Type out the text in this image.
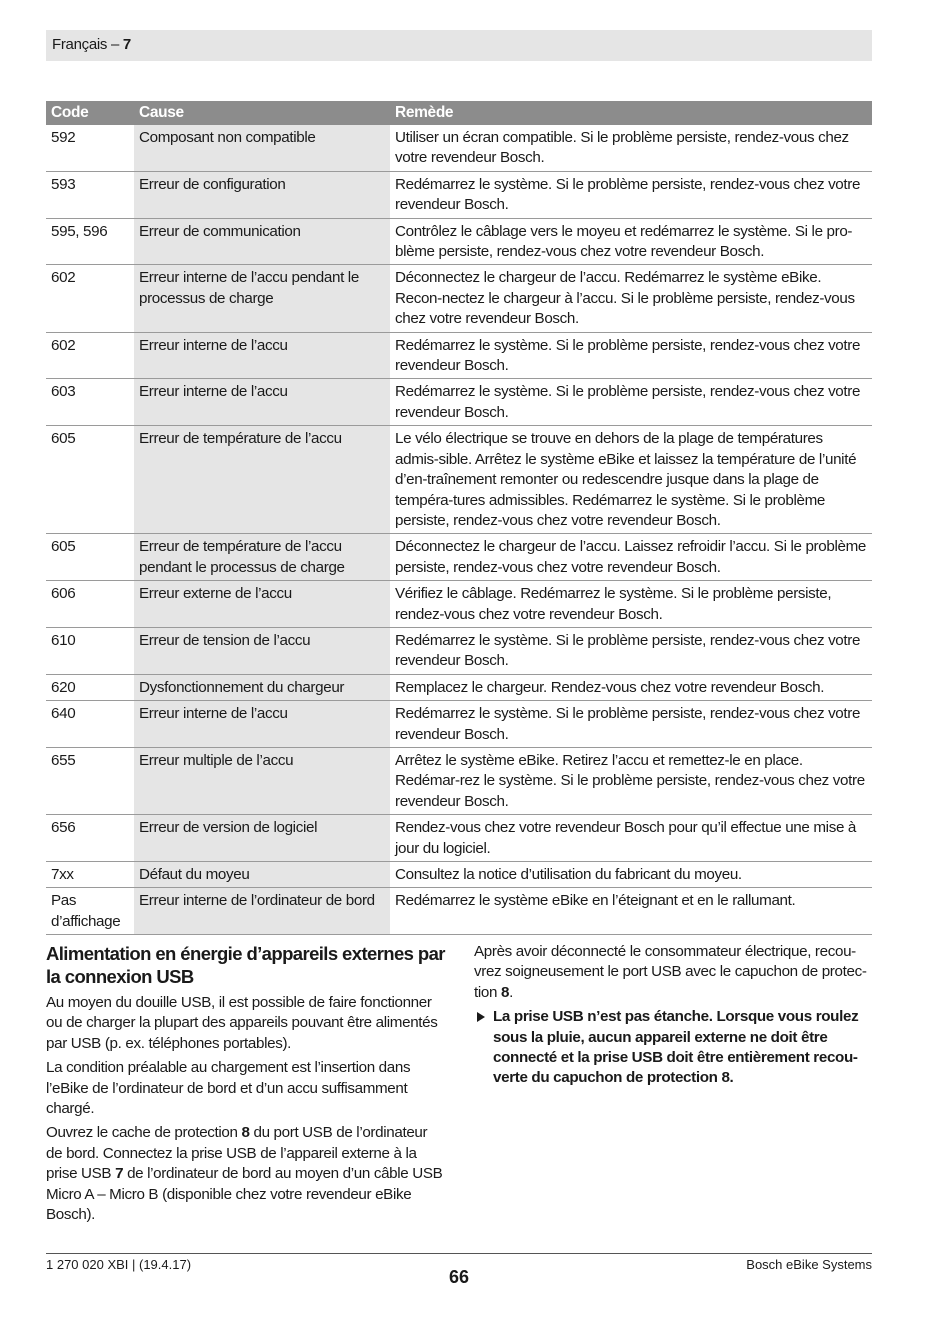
Français – 7
Code	Cause	Remède
592	Composant non compatible	Utiliser un écran compatible. Si le problème persiste, rendez-vous chez votre revendeur Bosch.
593	Erreur de configuration	Redémarrez le système. Si le problème persiste, rendez-vous chez votre revendeur Bosch.
595, 596	Erreur de communication	Contrôlez le câblage vers le moyeu et redémarrez le système. Si le pro-blème persiste, rendez-vous chez votre revendeur Bosch.
602	Erreur interne de l’accu pendant le processus de charge	Déconnectez le chargeur de l’accu. Redémarrez le système eBike. Recon-nectez le chargeur à l’accu. Si le problème persiste, rendez-vous chez votre revendeur Bosch.
602	Erreur interne de l’accu	Redémarrez le système. Si le problème persiste, rendez-vous chez votre revendeur Bosch.
603	Erreur interne de l’accu	Redémarrez le système. Si le problème persiste, rendez-vous chez votre revendeur Bosch.
605	Erreur de température de l’accu	Le vélo électrique se trouve en dehors de la plage de températures admis-sible. Arrêtez le système eBike et laissez la température de l’unité d’en-traînement remonter ou redescendre jusque dans la plage de tempéra-tures admissibles. Redémarrez le système. Si le problème persiste, rendez-vous chez votre revendeur Bosch.
605	Erreur de température de l’accu pendant le processus de charge	Déconnectez le chargeur de l’accu. Laissez refroidir l’accu. Si le problème persiste, rendez-vous chez votre revendeur Bosch.
606	Erreur externe de l’accu	Vérifiez le câblage. Redémarrez le système. Si le problème persiste, rendez-vous chez votre revendeur Bosch.
610	Erreur de tension de l’accu	Redémarrez le système. Si le problème persiste, rendez-vous chez votre revendeur Bosch.
620	Dysfonctionnement du chargeur	Remplacez le chargeur. Rendez-vous chez votre revendeur Bosch.
640	Erreur interne de l’accu	Redémarrez le système. Si le problème persiste, rendez-vous chez votre revendeur Bosch.
655	Erreur multiple de l’accu	Arrêtez le système eBike. Retirez l’accu et remettez-le en place. Redémar-rez le système. Si le problème persiste, rendez-vous chez votre revendeur Bosch.
656	Erreur de version de logiciel	Rendez-vous chez votre revendeur Bosch pour qu’il effectue une mise à jour du logiciel.
7xx	Défaut du moyeu	Consultez la notice d’utilisation du fabricant du moyeu.
Pas d’affichage	Erreur interne de l’ordinateur de bord	Redémarrez le système eBike en l’éteignant et en le rallumant.
Alimentation en énergie d’appareils externes par la connexion USB

Au moyen du douille USB, il est possible de faire fonctionner ou de charger la plupart des appareils pouvant être alimentés par USB (p. ex. téléphones portables).

La condition préalable au chargement est l’insertion dans l’eBike de l’ordinateur de bord et d’un accu suffisamment chargé.

Ouvrez le cache de protection 8 du port USB de l’ordinateur de bord. Connectez la prise USB de l’appareil externe à la prise USB 7 de l’ordinateur de bord au moyen d’un câble USB Micro A – Micro B (disponible chez votre revendeur eBike Bosch).

Après avoir déconnecté le consommateur électrique, recou-vrez soigneusement le port USB avec le capuchon de protec-tion 8.

La prise USB n’est pas étanche. Lorsque vous roulez sous la pluie, aucun appareil externe ne doit être connecté et la prise USB doit être entièrement recou-verte du capuchon de protection 8.
1 270 020 XBI | (19.4.17)
66
Bosch eBike Systems
